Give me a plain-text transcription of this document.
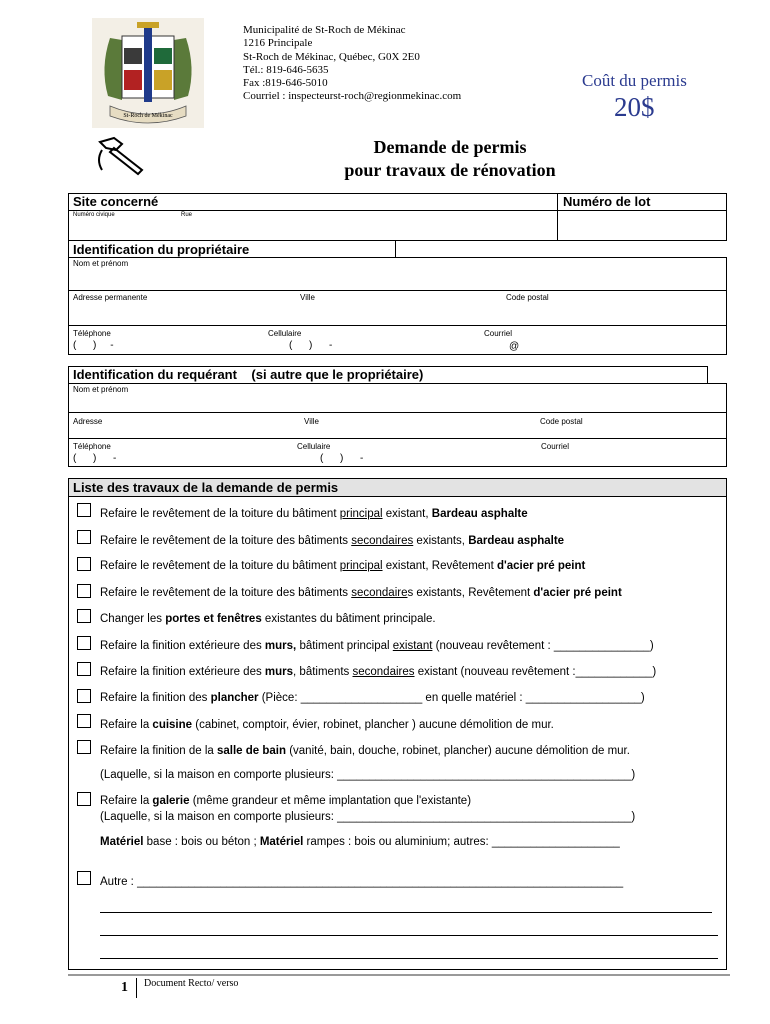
St-Roch de Mékinac
Municipalité de St-Roch de Mékinac
1216 Principale
St-Roch de Mékinac, Québec, G0X 2E0
Tél.: 819-646-5635
Fax :819-646-5010
Courriel : inspecteurst-roch@regionmekinac.com
Coût du permis
20$
Demande de permis
pour travaux de rénovation
Site concerné	Numéro de lot
Numéro civique	Rue
Identification du propriétaire
Nom et prénom
Adresse permanente	Ville	Code postal
Téléphone	Cellulaire	Courriel
(      )     -	(      )      -	@
Identification du requérant    (si autre que le propriétaire)
Nom et prénom
Adresse	Ville	Code postal
Téléphone	Cellulaire	Courriel
(      )      -	(      )      -
Liste des travaux de la demande de permis
Refaire le revêtement de la toiture du bâtiment principal existant, Bardeau asphalte
Refaire le revêtement de la toiture des bâtiments secondaires existants, Bardeau asphalte
Refaire le revêtement de la toiture du bâtiment principal existant, Revêtement d'acier pré peint
Refaire le revêtement de la toiture des bâtiments secondaires existants, Revêtement d'acier pré peint
Changer les portes et fenêtres existantes du bâtiment principale.
Refaire la finition extérieure des murs, bâtiment principal existant (nouveau revêtement : _______________)
Refaire la finition extérieure des murs, bâtiments secondaires existant (nouveau revêtement :____________)
Refaire la finition des plancher (Pièce: ___________________ en quelle matériel : __________________)
Refaire la cuisine (cabinet, comptoir, évier, robinet, plancher ) aucune démolition de mur.
Refaire la finition de la salle de bain (vanité, bain, douche, robinet, plancher) aucune démolition de mur.
(Laquelle, si la maison en comporte plusieurs: ______________________________________________)
Refaire la galerie (même grandeur et même implantation que l'existante)
(Laquelle, si la maison en comporte plusieurs: ______________________________________________)
Matériel base : bois ou béton ; Matériel rampes : bois ou aluminium; autres: ____________________
Autre : ____________________________________________________________________________
1 Document Recto/ verso
